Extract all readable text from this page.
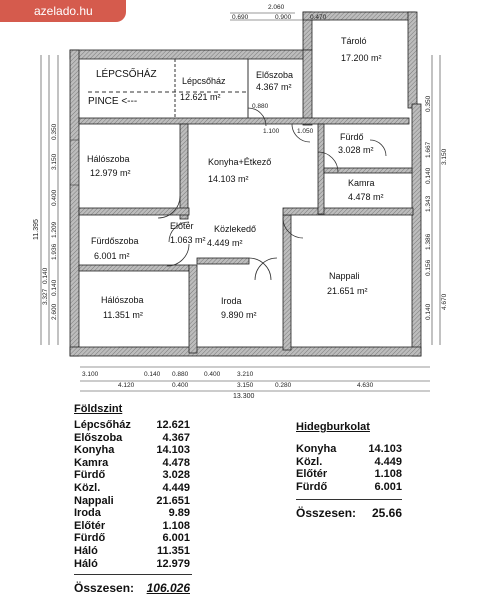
2.060
0.690	0.900	0.470
3.100	0.140 0.880 0.400	3.210
4.120	0.400	3.150	0.280	4.630
13.300
1.100	1.050
0.880
0.350
3.150
0.400
1.209
1.936
0.140
3.327
0.140
2.600
11.395
0.350
1.667
0.140
3.150
1.343
1.386
0.156
4.670
0.140
LÉPCSŐHÁZ
PINCE <---
Lépcsőház
12.621 m²
Előszoba
4.367 m²
Tároló
17.200 m²
Fürdő
3.028 m²
Hálószoba
12.979 m²
Konyha+Étkező
14.103 m²	Kamra
4.478 m²
Fürdőszoba
6.001 m²
Előtér
1.063 m²
Közlekedő
4.449 m²
Nappali
21.651 m²
Hálószoba
11.351 m²
Iroda
9.890 m²
azelado.hu
Földszint
Lépcsőház 12.621
Előszoba	4.367
Konyha	14.103
Kamra	4.478
Fürdő	3.028
Közl.	4.449
Nappali	21.651
Iroda	9.89
Előtér	1.108
Fürdő	6.001
Háló	11.351
Háló	12.979
Összesen: 106.026
Hidegburkolat
Konyha	14.103
Közl.	4.449
Előtér	1.108
Fürdő	6.001
Összesen: 25.66
